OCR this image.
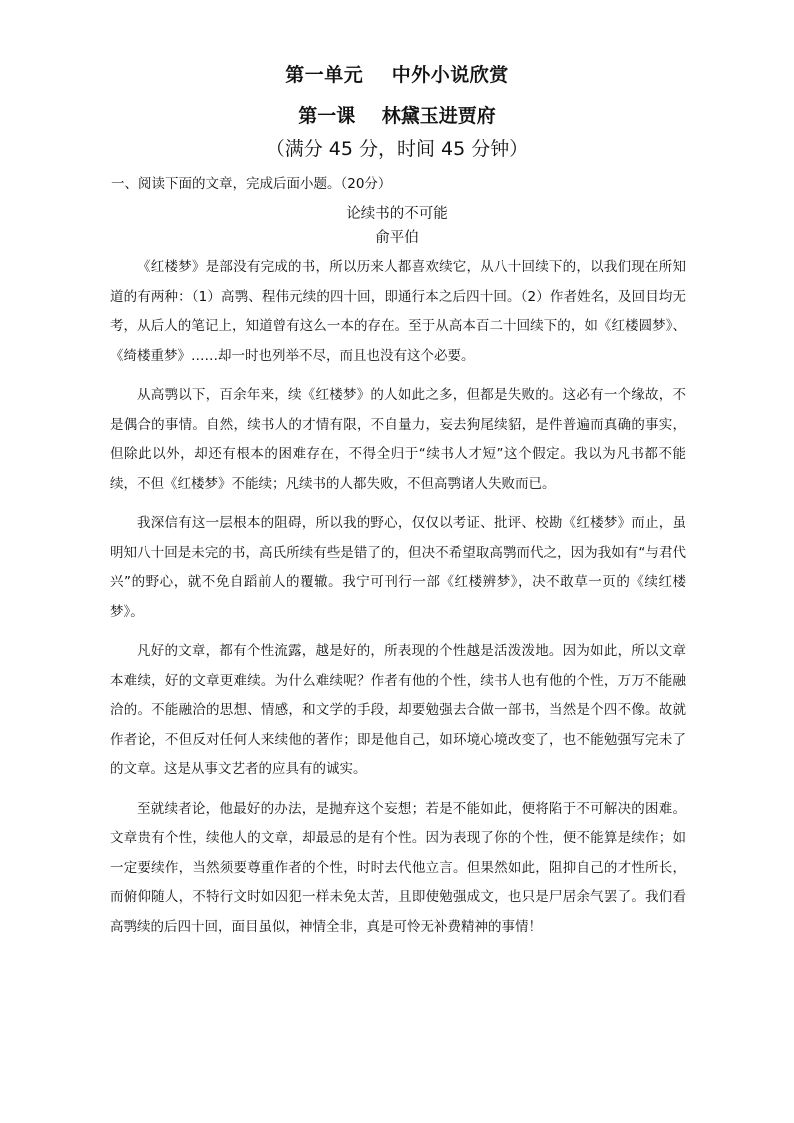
第一单元    中外小说欣赏
第一课    林黛玉进贾府
（满分 45 分，时间 45 分钟）
一、阅读下面的文章，完成后面小题。（20分）
论续书的不可能
俞平伯

《红楼梦》是部没有完成的书，所以历来人都喜欢续它，从八十回续下的，以我们现在所知道的有两种：（1）高鹗、程伟元续的四十回，即通行本之后四十回。（2）作者姓名，及回目均无考，从后人的笔记上，知道曾有这么一本的存在。至于从高本百二十回续下的，如《红楼圆梦》、《绮楼重梦》……却一时也列举不尽，而且也没有这个必要。

从高鹗以下，百余年来，续《红楼梦》的人如此之多，但都是失败的。这必有一个缘故，不是偶合的事情。自然，续书人的才情有限，不自量力，妄去狗尾续貂，是件普遍而真确的事实，但除此以外，却还有根本的困难存在，不得全归于“续书人才短”这个假定。我以为凡书都不能续，不但《红楼梦》不能续；凡续书的人都失败，不但高鹗诸人失败而已。

我深信有这一层根本的阻碍，所以我的野心，仅仅以考证、批评、校勘《红楼梦》而止，虽明知八十回是未完的书，高氏所续有些是错了的，但决不希望取高鹗而代之，因为我如有“与君代兴”的野心，就不免自蹈前人的覆辙。我宁可刊行一部《红楼辨梦》，决不敢草一页的《续红楼梦》。

凡好的文章，都有个性流露，越是好的，所表现的个性越是活泼泼地。因为如此，所以文章本难续，好的文章更难续。为什么难续呢？作者有他的个性，续书人也有他的个性，万万不能融洽的。不能融洽的思想、情感，和文学的手段，却要勉强去合做一部书，当然是个四不像。故就作者论，不但反对任何人来续他的著作；即是他自己，如环境心境改变了，也不能勉强写完未了的文章。这是从事文艺者的应具有的诚实。

至就续者论，他最好的办法，是抛弃这个妄想；若是不能如此，便将陷于不可解决的困难。文章贵有个性，续他人的文章，却最忌的是有个性。因为表现了你的个性，便不能算是续作；如一定要续作，当然须要尊重作者的个性，时时去代他立言。但果然如此，阻抑自己的才性所长，而俯仰随人，不特行文时如囚犯一样未免太苦，且即使勉强成文，也只是尸居余气罢了。我们看高鹗续的后四十回，面目虽似，神情全非，真是可怜无补费精神的事情！
